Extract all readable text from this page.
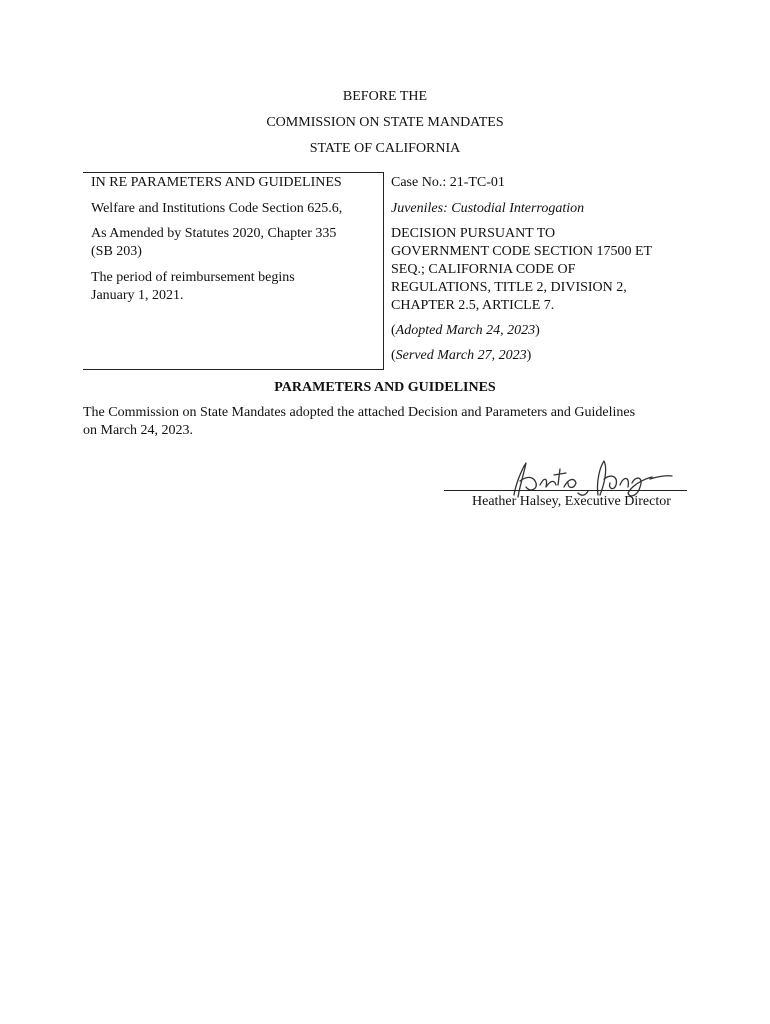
BEFORE THE
COMMISSION ON STATE MANDATES
STATE OF CALIFORNIA
IN RE PARAMETERS AND GUIDELINES
Welfare and Institutions Code Section 625.6,
As Amended by Statutes 2020, Chapter 335
(SB 203)
The period of reimbursement begins
January 1, 2021.
Case No.: 21-TC-01
Juveniles: Custodial Interrogation
DECISION PURSUANT TO
GOVERNMENT CODE SECTION 17500 ET
SEQ.; CALIFORNIA CODE OF
REGULATIONS, TITLE 2, DIVISION 2,
CHAPTER 2.5, ARTICLE 7.
(Adopted March 24, 2023)
(Served March 27, 2023)
PARAMETERS AND GUIDELINES
The Commission on State Mandates adopted the attached Decision and Parameters and Guidelines
on March 24, 2023.
Heather Halsey, Executive Director
